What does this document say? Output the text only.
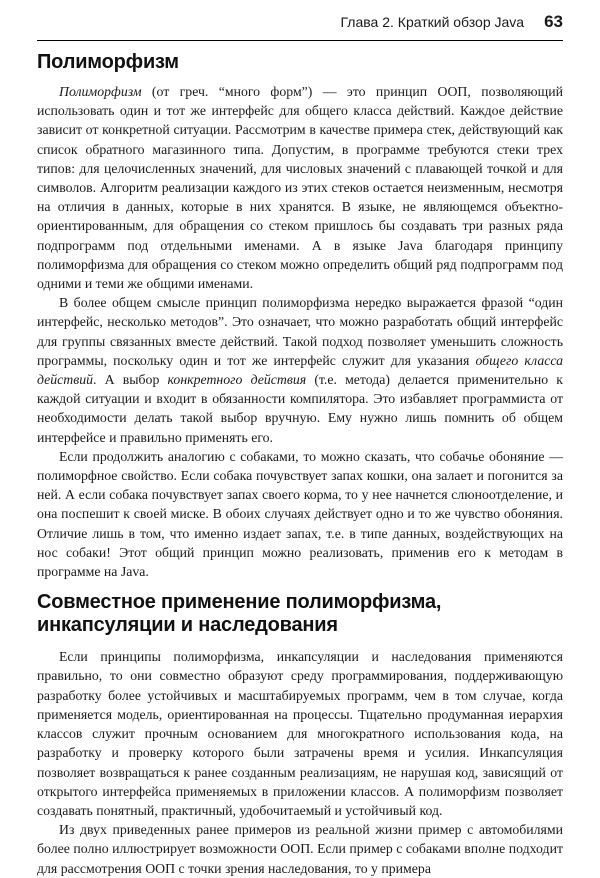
Глава 2. Краткий обзор Java 63
Полиморфизм

Полиморфизм (от греч. “много форм”) — это принцип ООП, позволяющий использовать один и тот же интерфейс для общего класса действий. Каждое действие зависит от конкретной ситуации. Рассмотрим в качестве примера стек, действующий как список обратного магазинного типа. Допустим, в программе требуются стеки трех типов: для целочисленных значений, для числовых значений с плавающей точкой и для символов. Алгоритм реализации каждого из этих стеков остается неизменным, несмотря на отличия в данных, которые в них хранятся. В языке, не являющемся объектно-ориентированным, для обращения со стеком пришлось бы создавать три разных ряда подпрограмм под отдельными именами. А в языке Java благодаря принципу полиморфизма для обращения со стеком можно определить общий ряд подпрограмм под одними и теми же общими именами.

В более общем смысле принцип полиморфизма нередко выражается фразой “один интерфейс, несколько методов”. Это означает, что можно разработать общий интерфейс для группы связанных вместе действий. Такой подход позволяет уменьшить сложность программы, поскольку один и тот же интерфейс служит для указания общего класса действий. А выбор конкретного действия (т.е. метода) делается применительно к каждой ситуации и входит в обязанности компилятора. Это избавляет программиста от необходимости делать такой выбор вручную. Ему нужно лишь помнить об общем интерфейсе и правильно применять его.

Если продолжить аналогию с собаками, то можно сказать, что собачье обоняние — полиморфное свойство. Если собака почувствует запах кошки, она залает и погонится за ней. А если собака почувствует запах своего корма, то у нее начнется слюноотделение, и она поспешит к своей миске. В обоих случаях действует одно и то же чувство обоняния. Отличие лишь в том, что именно издает запах, т.е. в типе данных, воздействующих на нос собаки! Этот общий принцип можно реализовать, применив его к методам в программе на Java.

Совместное применение полиморфизма,
инкапсуляции и наследования

Если принципы полиморфизма, инкапсуляции и наследования применяются правильно, то они совместно образуют среду программирования, поддерживающую разработку более устойчивых и масштабируемых программ, чем в том случае, когда применяется модель, ориентированная на процессы. Тщательно продуманная иерархия классов служит прочным основанием для многократного использования кода, на разработку и проверку которого были затрачены время и усилия. Инкапсуляция позволяет возвращаться к ранее созданным реализациям, не нарушая код, зависящий от открытого интерфейса применяемых в приложении классов. А полиморфизм позволяет создавать понятный, практичный, удобочитаемый и устойчивый код.

Из двух приведенных ранее примеров из реальной жизни пример с автомобилями более полно иллюстрирует возможности ООП. Если пример с собаками вполне подходит для рассмотрения ООП с точки зрения наследования, то у примера
